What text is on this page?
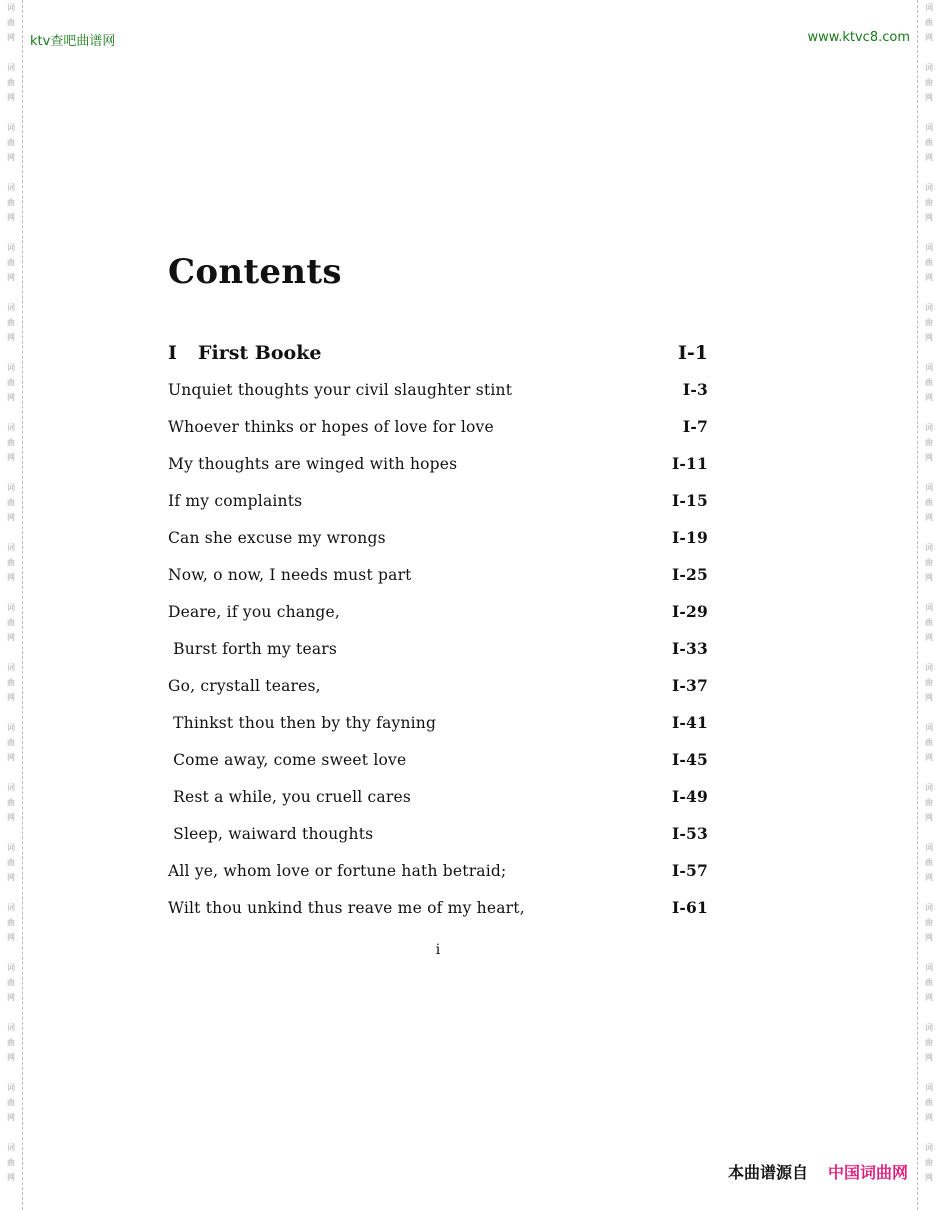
词
曲
网
词
曲
网
词
曲
网
词
曲
网
词
曲
网
词
曲
网
词
曲
网
词
曲
网
词
曲
网
词
曲
网
词
曲
网
词
曲
网
词
曲
网
词
曲
网
词
曲
网
词
曲
网
词
曲
网
词
曲
网
词
曲
网
词
曲
网
词
曲
网
词
曲
网
词
曲
网
词
曲
网
词
曲
网
词
曲
网
词
曲
网
词
曲
网
词
曲
网
词
曲
网
词
曲
网
词
曲
网
词
曲
网
词
曲
网
词
曲
网
词
曲
网
词
曲
网
词
曲
网
词
曲
网
词
曲
网
ktv查吧曲谱网	www.ktvc8.com
Contents
I First Booke	I-1
Unquiet thoughts your civil slaughter stint	I-3
Whoever thinks or hopes of love for love	I-7
My thoughts are winged with hopes	I-11
If my complaints	I-15
Can she excuse my wrongs	I-19
Now, o now, I needs must part	I-25
Deare, if you change,	I-29
Burst forth my tears	I-33
Go, crystall teares,	I-37
Thinkst thou then by thy fayning	I-41
Come away, come sweet love	I-45
Rest a while, you cruell cares	I-49
Sleep, waiward thoughts	I-53
All ye, whom love or fortune hath betraid;	I-57
Wilt thou unkind thus reave me of my heart,	I-61
i
本曲谱源自 中国词曲网
